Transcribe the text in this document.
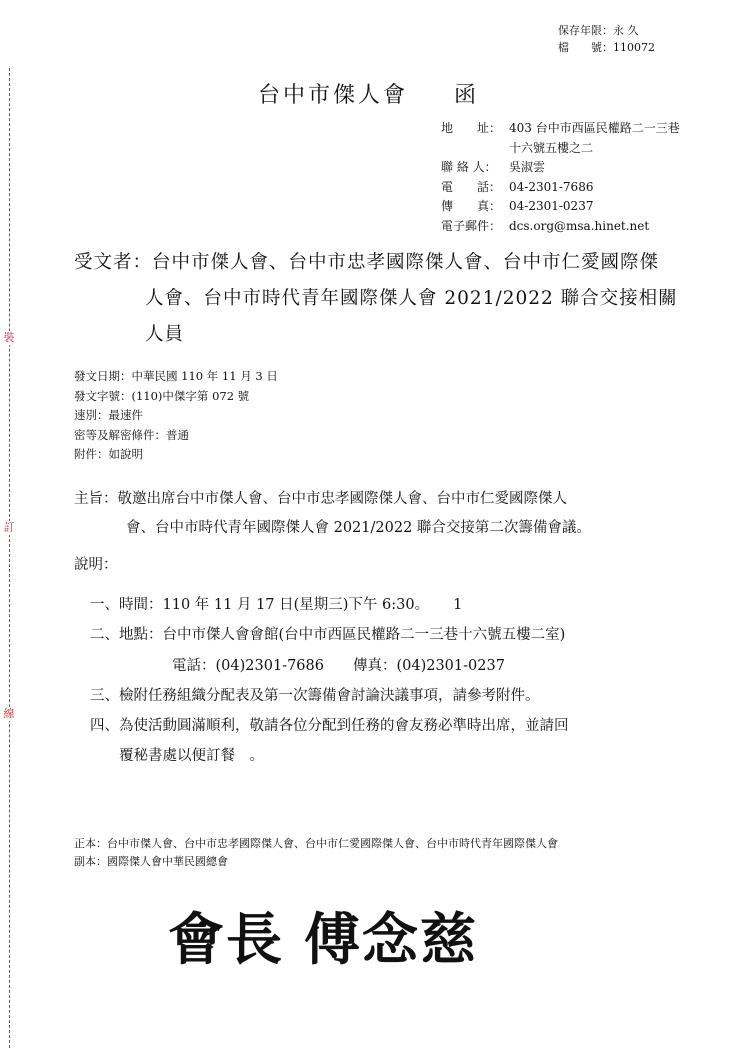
裝
訂
線
保存年限：永 久
檔　　號：110072
台中市傑人會 函
地　　址： 403 台中市西區民權路二一三巷
十六號五樓之二
聯 絡 人： 吳淑雲
電　　話： 04-2301-7686
傳　　真： 04-2301-0237
電子郵件： dcs.org@msa.hinet.net
受文者：台中市傑人會、台中市忠孝國際傑人會、台中市仁愛國際傑
人會、台中市時代青年國際傑人會 2021/2022 聯合交接相關
人員
發文日期：中華民國 110 年 11 月 3 日
發文字號：(110)中傑字第 072 號
速別：最速件
密等及解密條件：普通
附件：如說明
主旨：敬邀出席台中市傑人會、台中市忠孝國際傑人會、台中市仁愛國際傑人
會、台中市時代青年國際傑人會 2021/2022 聯合交接第二次籌備會議。
說明：
一、時間：110 年 11 月 17 日(星期三)下午 6:30。 1
二、地點：台中市傑人會會館(台中市西區民權路二一三巷十六號五樓二室)
電話：(04)2301-7686　　傳真：(04)2301-0237
三、檢附任務組織分配表及第一次籌備會討論決議事項，請參考附件。
四、為使活動圓滿順利，敬請各位分配到任務的會友務必準時出席，並請回
覆秘書處以便訂餐　。
正本：台中市傑人會、台中市忠孝國際傑人會、台中市仁愛國際傑人會、台中市時代青年國際傑人會
副本：國際傑人會中華民國總會
會長 傅念慈
